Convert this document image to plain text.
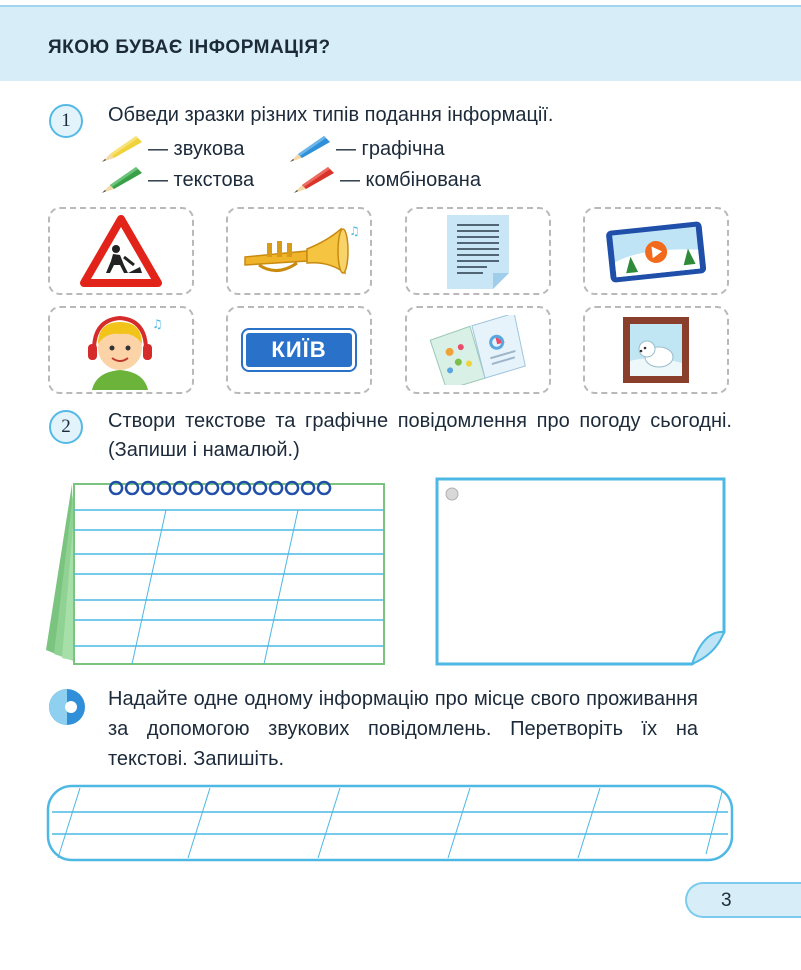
ЯКОЮ БУВАЄ ІНФОРМАЦІЯ?
1	Обведи зразки різних типів подання інформації.
— звукова	— графічна
— текстова	— комбінована
♫
♫
КИЇВ
2	Створи текстове та графічне повідомлення про погоду сьогодні. (Запиши і намалюй.)
Надайте одне одному інформацію про місце свого проживання за допомогою звукових повідомлень. Перетворіть їх на текстові. Запишіть.
3
